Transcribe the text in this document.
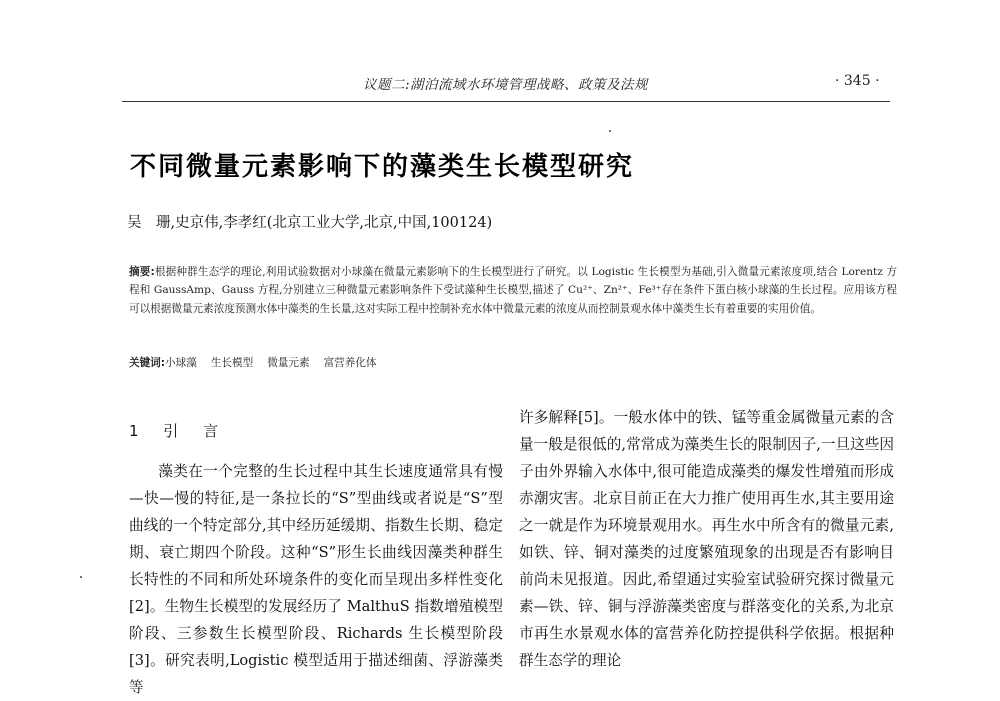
议题二:湖泊流域水环境管理战略、政策及法规	· 345 ·
不同微量元素影响下的藻类生长模型研究
吴　珊,史京伟,李孝红(北京工业大学,北京,中国,100124)
摘要:根据种群生态学的理论,利用试验数据对小球藻在微量元素影响下的生长模型进行了研究。以 Logistic 生长模型为基础,引入微量元素浓度项,结合 Lorentz 方程和 GaussAmp、Gauss 方程,分别建立三种微量元素影响条件下受试藻种生长模型,描述了 Cu²⁺、Zn²⁺、Fe³⁺存在条件下蛋白核小球藻的生长过程。应用该方程可以根据微量元素浓度预测水体中藻类的生长量,这对实际工程中控制补充水体中微量元素的浓度从而控制景观水体中藻类生长有着重要的实用价值。
关键词:小球藻 生长模型 微量元素 富营养化体
1 引 言

藻类在一个完整的生长过程中其生长速度通常具有慢—快—慢的特征,是一条拉长的“S”型曲线或者说是“S”型曲线的一个特定部分,其中经历延缓期、指数生长期、稳定期、衰亡期四个阶段。这种“S”形生长曲线因藻类种群生长特性的不同和所处环境条件的变化而呈现出多样性变化[2]。生物生长模型的发展经历了 MalthuS 指数增殖模型阶段、三参数生长模型阶段、Richards 生长模型阶段[3]。研究表明,Logistic 模型适用于描述细菌、浮游藻类等

许多解释[5]。一般水体中的铁、锰等重金属微量元素的含量一般是很低的,常常成为藻类生长的限制因子,一旦这些因子由外界输入水体中,很可能造成藻类的爆发性增殖而形成赤潮灾害。北京目前正在大力推广使用再生水,其主要用途之一就是作为环境景观用水。再生水中所含有的微量元素,如铁、锌、铜对藻类的过度繁殖现象的出现是否有影响目前尚未见报道。因此,希望通过实验室试验研究探讨微量元素—铁、锌、铜与浮游藻类密度与群落变化的关系,为北京市再生水景观水体的富营养化防控提供科学依据。根据种群生态学的理论
